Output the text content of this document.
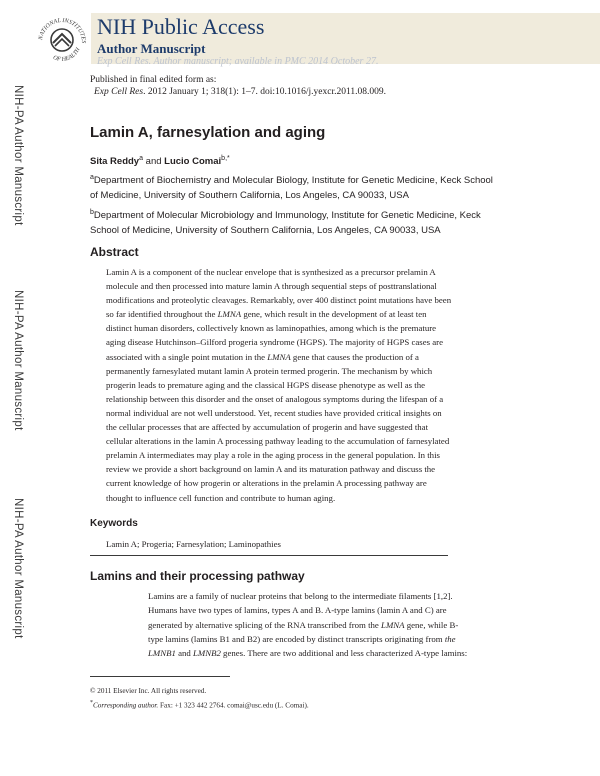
NATIONAL INSTITUTES
OF HEALTH
NIH Public Access
Author Manuscript
Exp Cell Res. Author manuscript; available in PMC 2014 October 27.
NIH-PA Author Manuscript
NIH-PA Author Manuscript
NIH-PA Author Manuscript
Published in final edited form as:
Exp Cell Res. 2012 January 1; 318(1): 1–7. doi:10.1016/j.yexcr.2011.08.009.
Lamin A, farnesylation and aging
Sita Reddy$^a$ and Lucio Comai$^{b,*}$
$^a$Department of Biochemistry and Molecular Biology, Institute for Genetic Medicine, Keck School
of Medicine, University of Southern California, Los Angeles, CA 90033, USA
$^b$Department of Molecular Microbiology and Immunology, Institute for Genetic Medicine, Keck
School of Medicine, University of Southern California, Los Angeles, CA 90033, USA
Abstract
Lamin A is a component of the nuclear envelope that is synthesized as a precursor prelamin A
molecule and then processed into mature lamin A through sequential steps of posttranslational
modifications and proteolytic cleavages. Remarkably, over 400 distinct point mutations have been
so far identified throughout the LMNA gene, which result in the development of at least ten
distinct human disorders, collectively known as laminopathies, among which is the premature
aging disease Hutchinson–Gilford progeria syndrome (HGPS). The majority of HGPS cases are
associated with a single point mutation in the LMNA gene that causes the production of a
permanently farnesylated mutant lamin A protein termed progerin. The mechanism by which
progerin leads to premature aging and the classical HGPS disease phenotype as well as the
relationship between this disorder and the onset of analogous symptoms during the lifespan of a
normal individual are not well understood. Yet, recent studies have provided critical insights on
the cellular processes that are affected by accumulation of progerin and have suggested that
cellular alterations in the lamin A processing pathway leading to the accumulation of farnesylated
prelamin A intermediates may play a role in the aging process in the general population. In this
review we provide a short background on lamin A and its maturation pathway and discuss the
current knowledge of how progerin or alterations in the prelamin A processing pathway are
thought to influence cell function and contribute to human aging.
Keywords
Lamin A; Progeria; Farnesylation; Laminopathies
Lamins and their processing pathway
Lamins are a family of nuclear proteins that belong to the intermediate filaments [1,2].
Humans have two types of lamins, types A and B. A-type lamins (lamin A and C) are
generated by alternative splicing of the RNA transcribed from the LMNA gene, while B-
type lamins (lamins B1 and B2) are encoded by distinct transcripts originating from the
LMNB1 and LMNB2 genes. There are two additional and less characterized A-type lamins:
© 2011 Elsevier Inc. All rights reserved.
*Corresponding author. Fax: +1 323 442 2764. comai@usc.edu (L. Comai).
